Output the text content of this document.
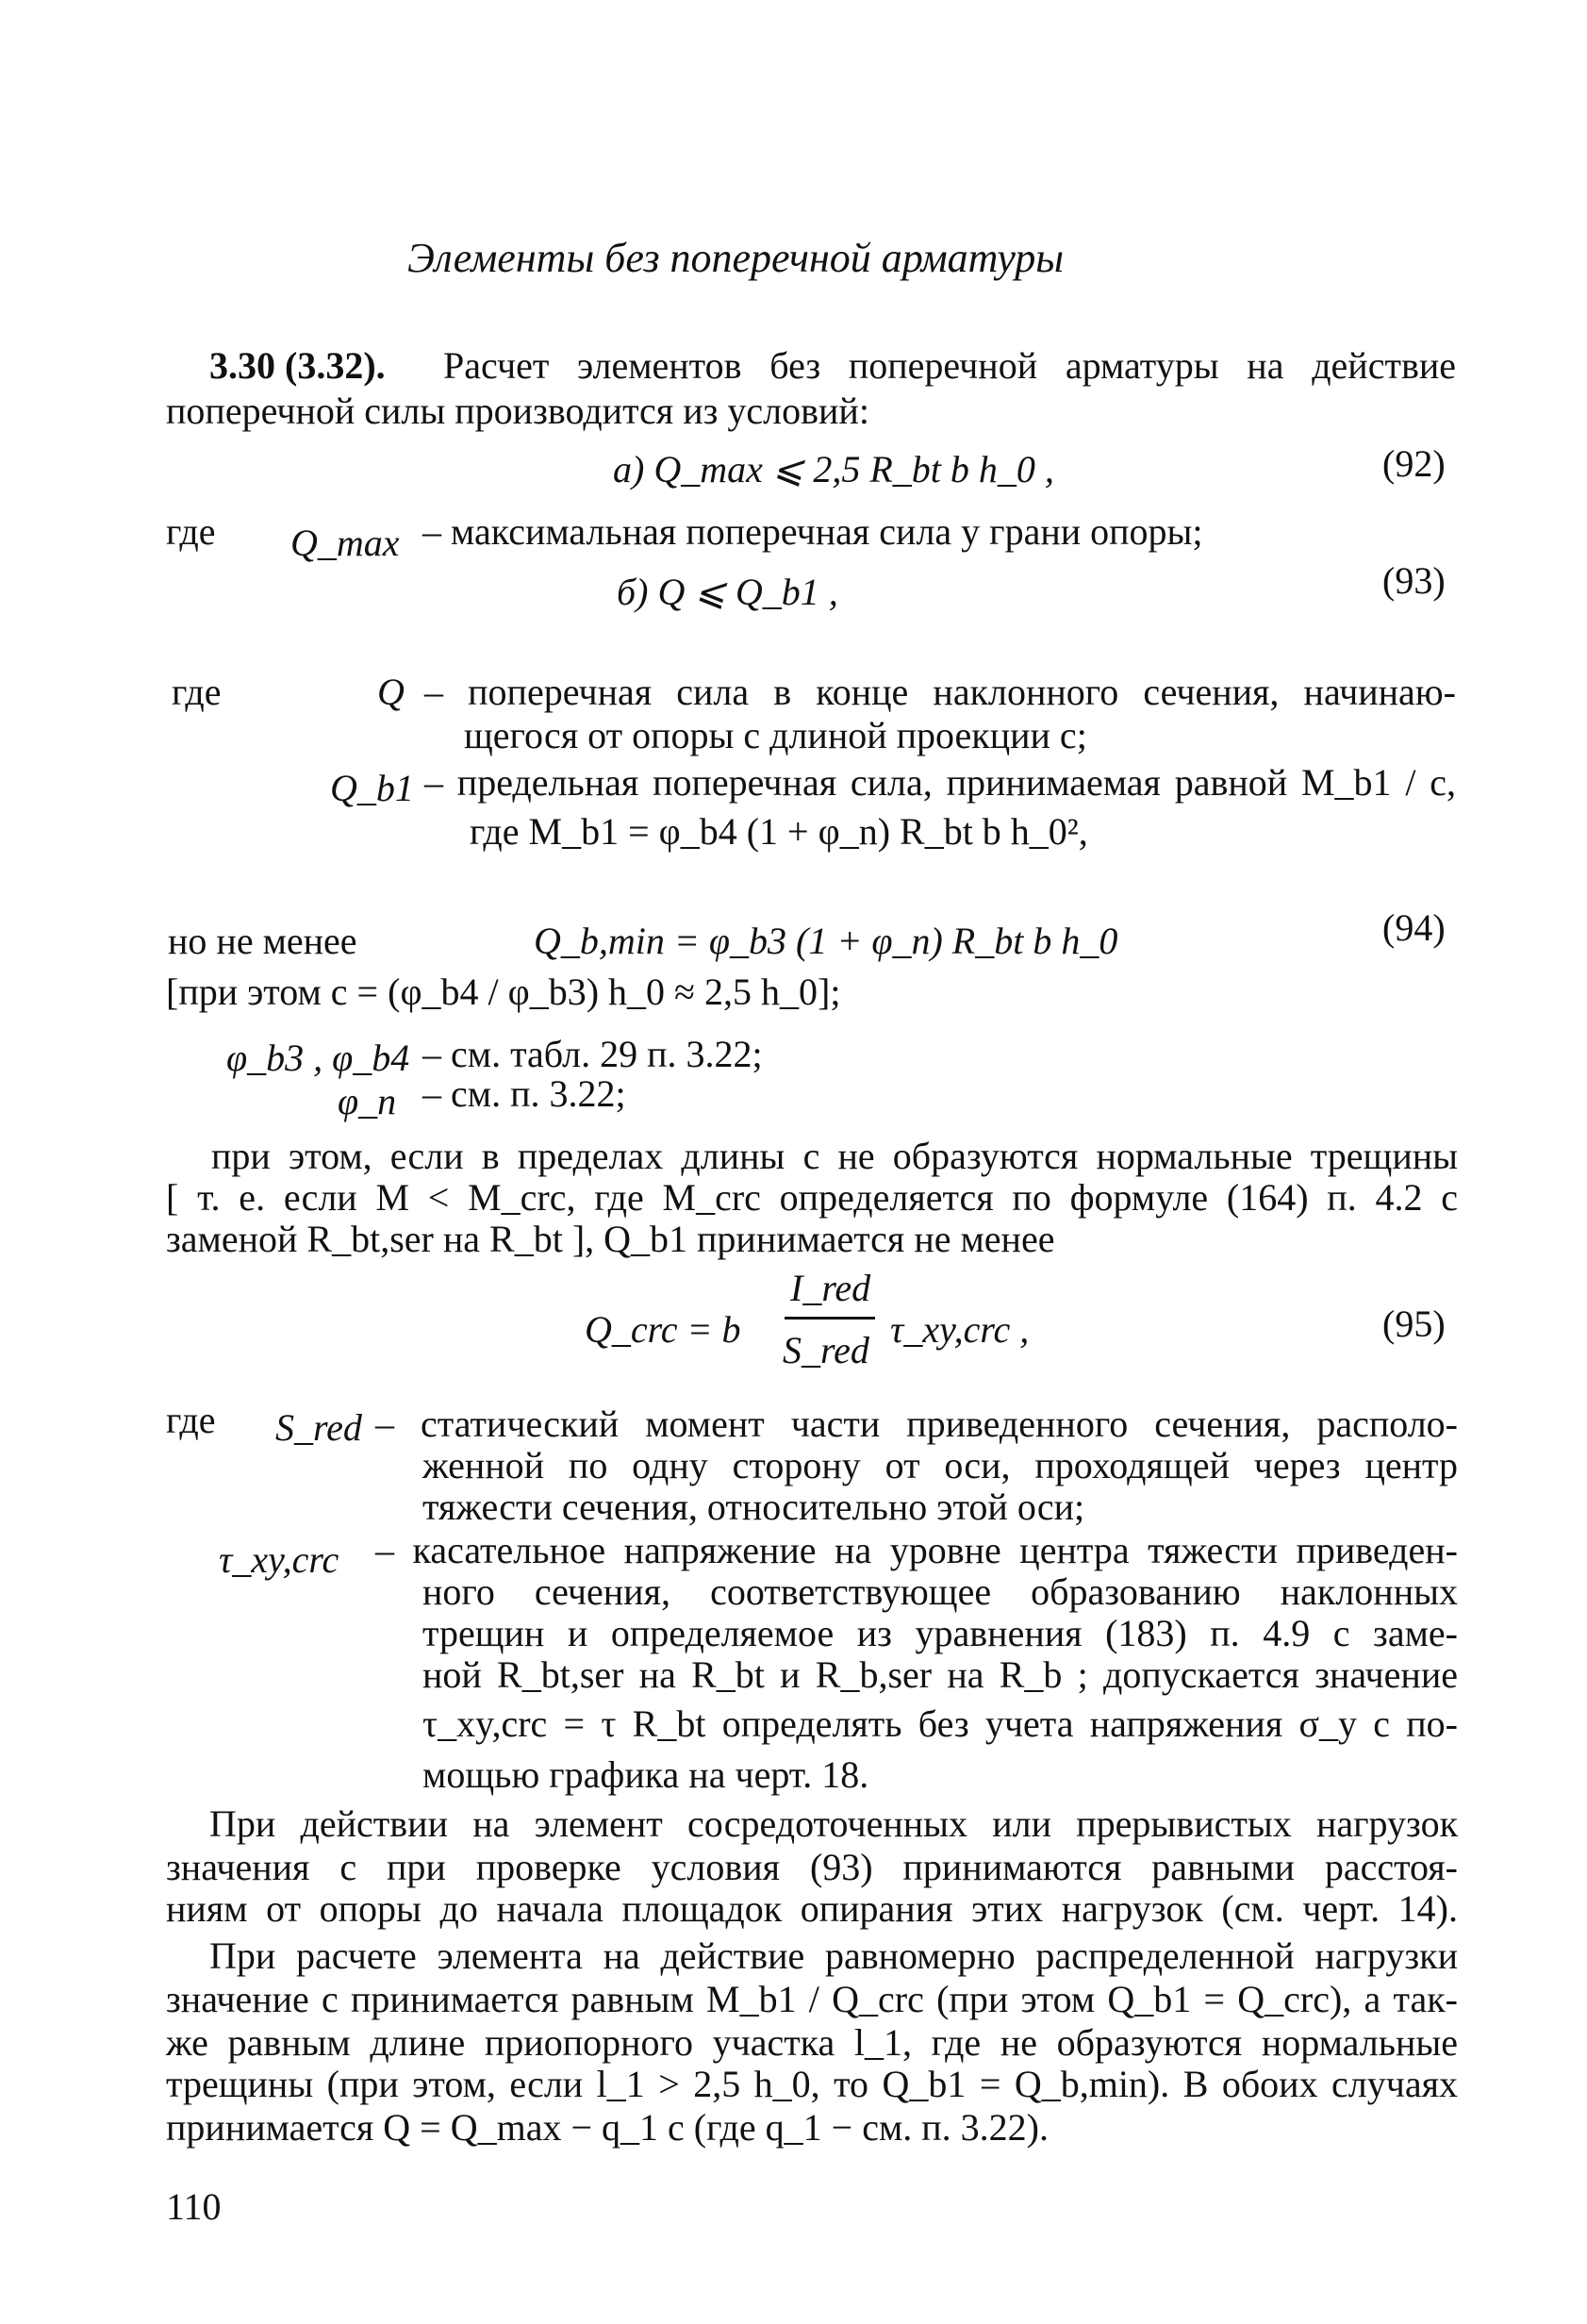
Элементы без поперечной арматуры
3.30 (3.32). Расчет элементов без поперечной арматуры на действие
поперечной силы производится из условий:
а) Q_max ⩽ 2,5 R_bt b h_0 ,	(92)
где Q_max – максимальная поперечная сила у грани опоры;
б) Q ⩽ Q_b1 ,	(93)
где	Q – поперечная сила в конце наклонного сечения, начинаю-
щегося от опоры с длиной проекции c;
Q_b1 – предельная поперечная сила, принимаемая равной M_b1 / c,
где M_b1 = φ_b4 (1 + φ_n) R_bt b h_0²,
но не менее	Q_b,min = φ_b3 (1 + φ_n) R_bt b h_0	(94)
[при этом c = (φ_b4 / φ_b3) h_0 ≈ 2,5 h_0];
φ_b3 , φ_b4 – см. табл. 29 п. 3.22;
φ_n – см. п. 3.22;
при этом, если в пределах длины c не образуются нормальные трещины
[ т. е. если M < M_crc, где M_crc определяется по формуле (164) п. 4.2 с
заменой R_bt,ser на R_bt ], Q_b1 принимается не менее
Q_crc = b
I_red
S_red τ_xy,crc ,	(95)
где S_red – статический момент части приведенного сечения, располо-
женной по одну сторону от оси, проходящей через центр
тяжести сечения, относительно этой оси;
τ_xy,crc – касательное напряжение на уровне центра тяжести приведен-
ного сечения, соответствующее образованию наклонных
трещин и определяемое из уравнения (183) п. 4.9 с заме-
ной R_bt,ser на R_bt и R_b,ser на R_b ; допускается значение
τ_xy,crc = τ R_bt определять без учета напряжения σ_y с по-
мощью графика на черт. 18.
При действии на элемент сосредоточенных или прерывистых нагрузок
значения c при проверке условия (93) принимаются равными расстоя-
ниям от опоры до начала площадок опирания этих нагрузок (см. черт. 14).
При расчете элемента на действие равномерно распределенной нагрузки
значение c принимается равным M_b1 / Q_crc (при этом Q_b1 = Q_crc), а так-
же равным длине приопорного участка l_1, где не образуются нормальные
трещины (при этом, если l_1 > 2,5 h_0, то Q_b1 = Q_b,min). В обоих случаях
принимается Q = Q_max − q_1 c (где q_1 − см. п. 3.22).
110
